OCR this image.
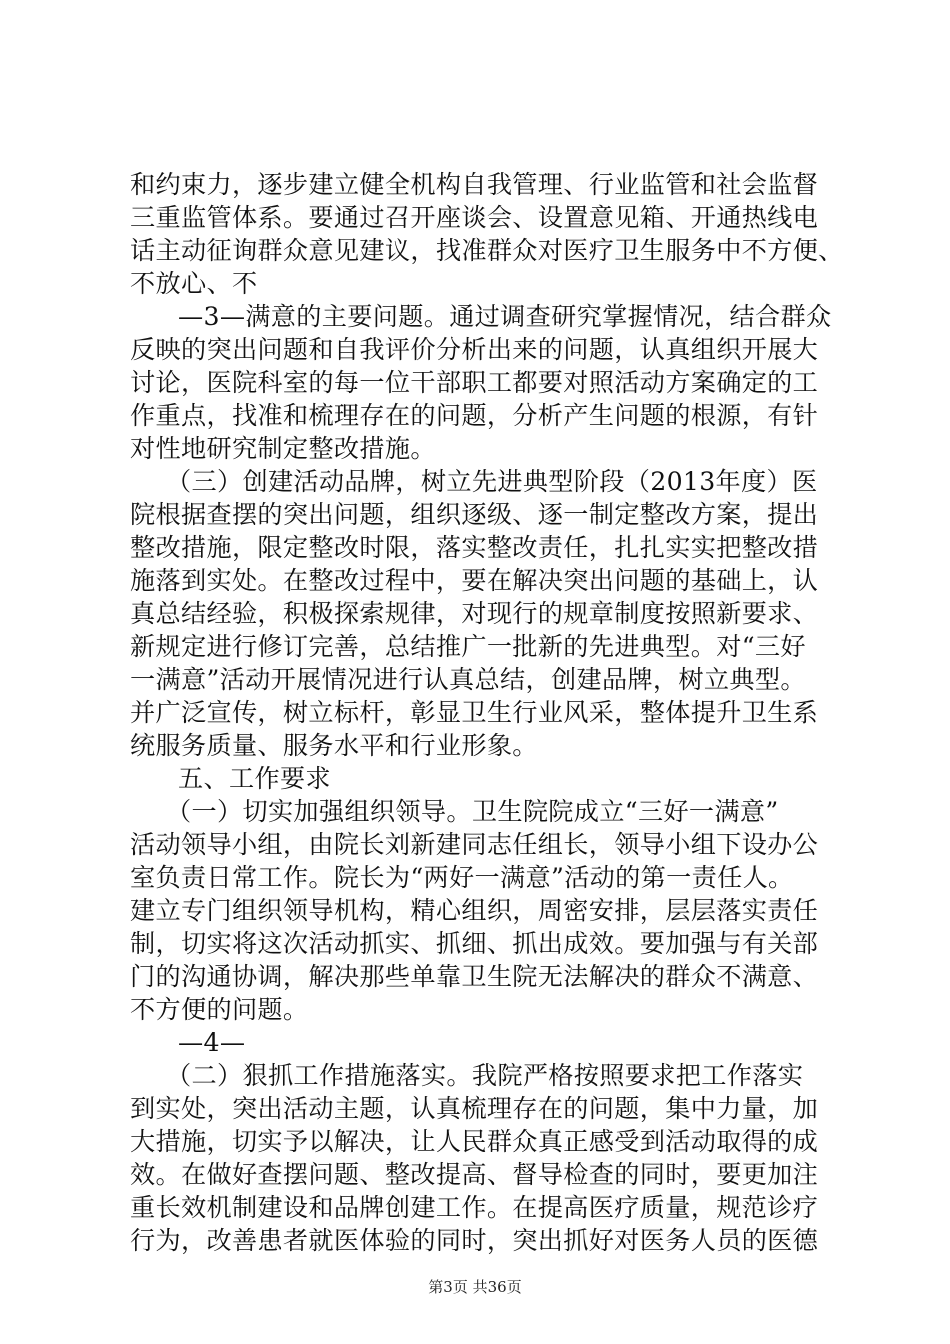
和约束力，逐步建立健全机构自我管理、行业监管和社会监督
三重监管体系。要通过召开座谈会、设置意见箱、开通热线电
话主动征询群众意见建议，找准群众对医疗卫生服务中不方便、
不放心、不
—3—满意的主要问题。通过调查研究掌握情况，结合群众
反映的突出问题和自我评价分析出来的问题，认真组织开展大
讨论，医院科室的每一位干部职工都要对照活动方案确定的工
作重点，找准和梳理存在的问题，分析产生问题的根源，有针
对性地研究制定整改措施。
（三）创建活动品牌，树立先进典型阶段（2013年度）医
院根据查摆的突出问题，组织逐级、逐一制定整改方案，提出
整改措施，限定整改时限，落实整改责任，扎扎实实把整改措
施落到实处。在整改过程中，要在解决突出问题的基础上，认
真总结经验，积极探索规律，对现行的规章制度按照新要求、
新规定进行修订完善，总结推广一批新的先进典型。对“三好
一满意”活动开展情况进行认真总结，创建品牌，树立典型。
并广泛宣传，树立标杆，彰显卫生行业风采，整体提升卫生系
统服务质量、服务水平和行业形象。
五、工作要求
（一）切实加强组织领导。卫生院院成立“三好一满意”
活动领导小组，由院长刘新建同志任组长，领导小组下设办公
室负责日常工作。院长为“两好一满意”活动的第一责任人。
建立专门组织领导机构，精心组织，周密安排，层层落实责任
制，切实将这次活动抓实、抓细、抓出成效。要加强与有关部
门的沟通协调，解决那些单靠卫生院无法解决的群众不满意、
不方便的问题。
—4—
（二）狠抓工作措施落实。我院严格按照要求把工作落实
到实处，突出活动主题，认真梳理存在的问题，集中力量，加
大措施，切实予以解决，让人民群众真正感受到活动取得的成
效。在做好查摆问题、整改提高、督导检查的同时，要更加注
重长效机制建设和品牌创建工作。在提高医疗质量，规范诊疗
行为，改善患者就医体验的同时，突出抓好对医务人员的医德
第3页 共36页
